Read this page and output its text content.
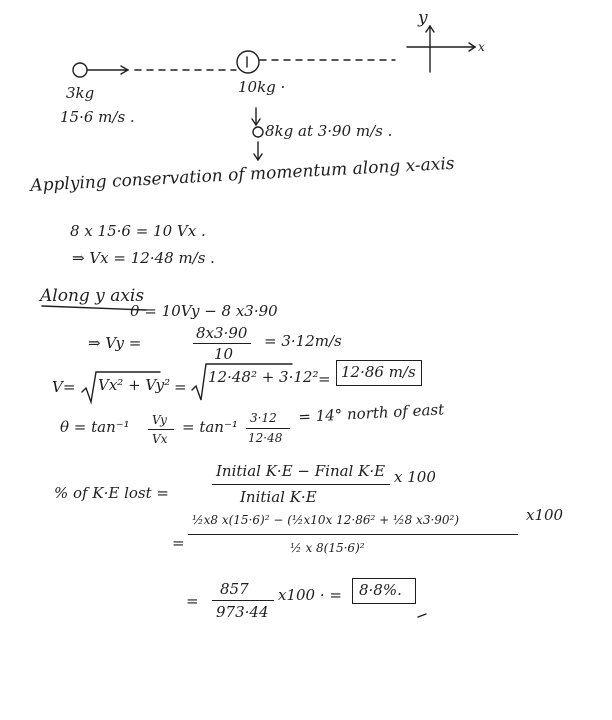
y
x
3kg
15·6 m/s .
10kg ·
8kg at 3·90 m/s .
Applying conservation of momentum along x-axis
8 x 15·6 = 10 Vx .
⇒ Vx = 12·48 m/s .
Along y axis
0 = 10Vy − 8 x3·90
⇒ Vy =
8x3·90
10
= 3·12m/s
V= Vx² + Vy² =
12·48² + 3·12² = 12·86 m/s
θ = tan⁻¹ Vy
Vx
= tan⁻¹ 3·12
12·48
= 14° north of east
% of K·E lost =
Initial K·E − Final K·E
Initial K·E
x 100
=
½x8 x(15·6)² − (½x10x 12·86² + ½8 x3·90²)
½ x 8(15·6)²
x100
=
857
973·44
x100 · = 8·8%.
